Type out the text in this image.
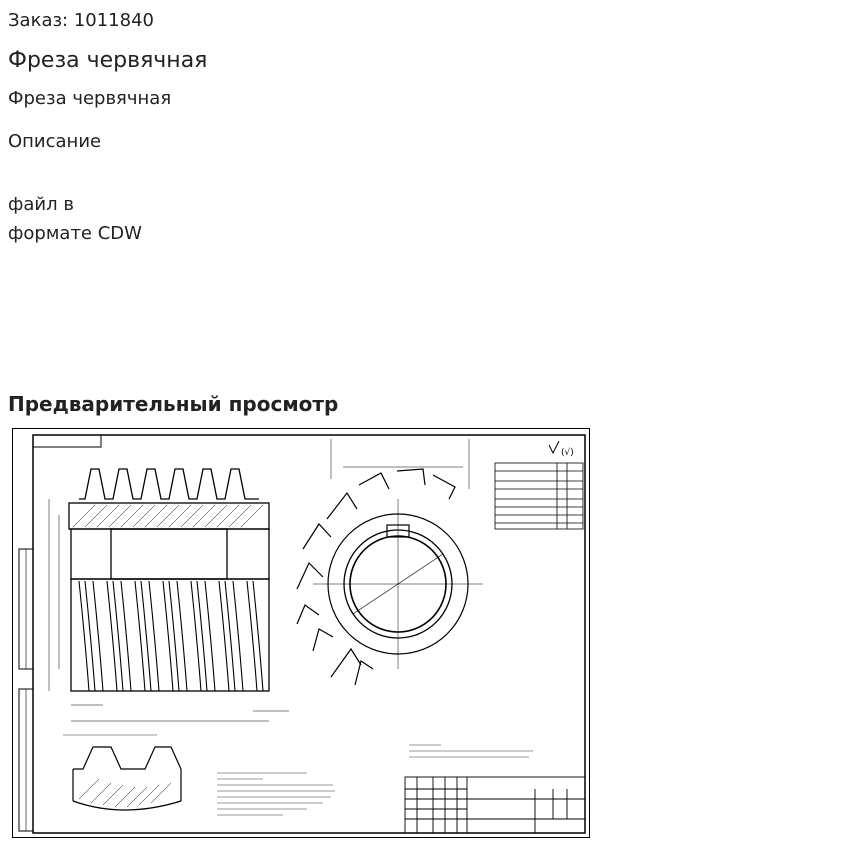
Заказ: 1011840
Фреза червячная
Фреза червячная
Описание
файл в
формате CDW
Предварительный просмотр
(√)
